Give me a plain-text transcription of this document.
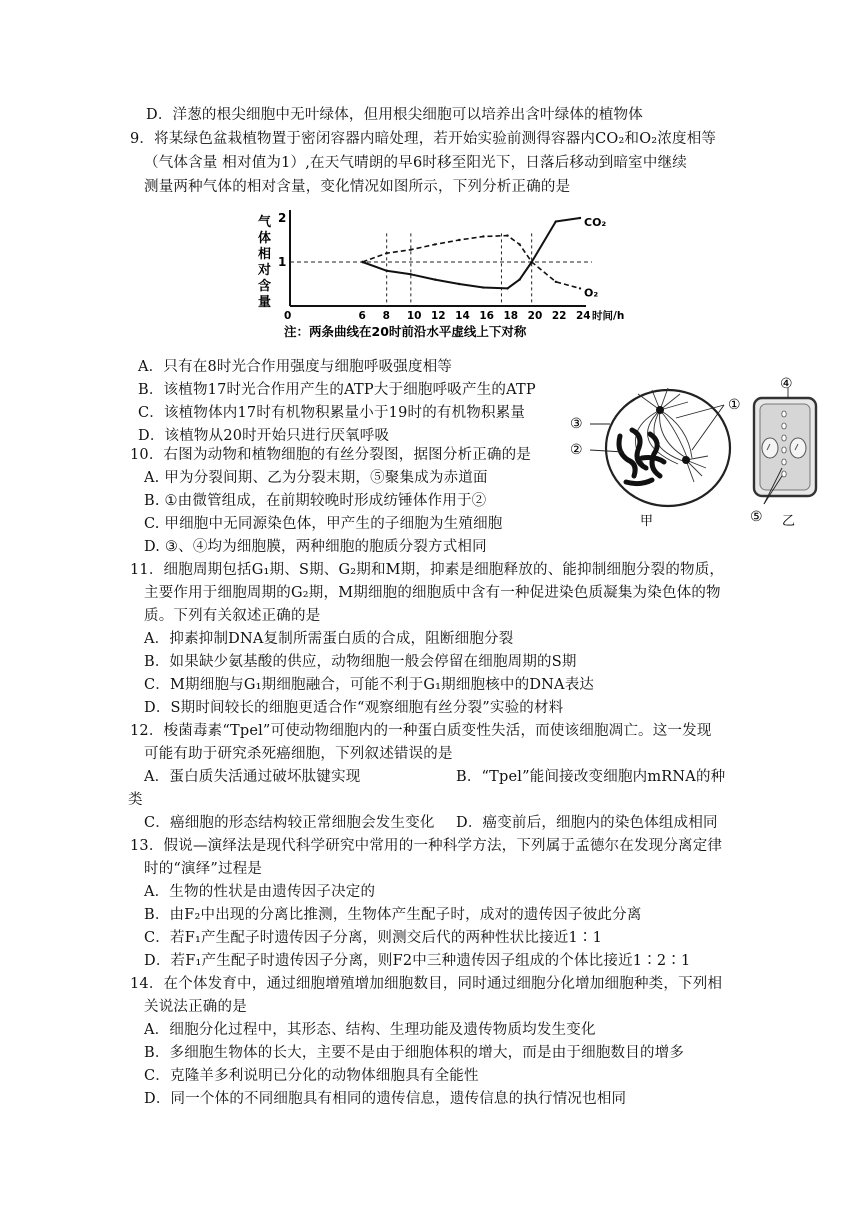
D．洋葱的根尖细胞中无叶绿体，但用根尖细胞可以培养出含叶绿体的植物体
9．将某绿色盆栽植物置于密闭容器内暗处理，若开始实验前测得容器内CO₂和O₂浓度相等
（气体含量 相对值为1）,在天气晴朗的早6时移至阳光下，日落后移动到暗室中继续
测量两种气体的相对含量，变化情况如图所示，下列分析正确的是
气
体
相
对
含
量
1
2
0	6 8 10 12 14 16 18 20 22 24 时间/h
CO₂
O₂
注：两条曲线在20时前沿水平虚线上下对称
A．只有在8时光合作用强度与细胞呼吸强度相等
B．该植物17时光合作用产生的ATP大于细胞呼吸产生的ATP
C．该植物体内17时有机物积累量小于19时的有机物积累量
D．该植物从20时开始只进行厌氧呼吸
①
③
②
甲
④
⑤ 乙
10．右图为动物和植物细胞的有丝分裂图，据图分析正确的是
A. 甲为分裂间期、乙为分裂末期，⑤聚集成为赤道面
B. ①由微管组成，在前期较晚时形成纺锤体作用于②
C. 甲细胞中无同源染色体，甲产生的子细胞为生殖细胞
D. ③、④均为细胞膜，两种细胞的胞质分裂方式相同
11．细胞周期包括G₁期、S期、G₂期和M期，抑素是细胞释放的、能抑制细胞分裂的物质，
主要作用于细胞周期的G₂期，M期细胞的细胞质中含有一种促进染色质凝集为染色体的物
质。下列有关叙述正确的是
A．抑素抑制DNA复制所需蛋白质的合成，阻断细胞分裂
B．如果缺少氨基酸的供应，动物细胞一般会停留在细胞周期的S期
C．M期细胞与G₁期细胞融合，可能不利于G₁期细胞核中的DNA表达
D．S期时间较长的细胞更适合作“观察细胞有丝分裂”实验的材料
12．梭菌毒素“Tpel”可使动物细胞内的一种蛋白质变性失活，而使该细胞凋亡。这一发现
可能有助于研究杀死癌细胞，下列叙述错误的是
A．蛋白质失活通过破坏肽键实现	B．“Tpel”能间接改变细胞内mRNA的种
类
C．癌细胞的形态结构较正常细胞会发生变化 D．癌变前后，细胞内的染色体组成相同
13．假说—演绎法是现代科学研究中常用的一种科学方法，下列属于孟德尔在发现分离定律
时的“演绎”过程是
A．生物的性状是由遗传因子决定的
B．由F₂中出现的分离比推测，生物体产生配子时，成对的遗传因子彼此分离
C．若F₁产生配子时遗传因子分离，则测交后代的两种性状比接近1∶1
D．若F₁产生配子时遗传因子分离，则F2中三种遗传因子组成的个体比接近1∶2∶1
14．在个体发育中，通过细胞增殖增加细胞数目，同时通过细胞分化增加细胞种类，下列相
关说法正确的是
A．细胞分化过程中，其形态、结构、生理功能及遗传物质均发生变化
B．多细胞生物体的长大，主要不是由于细胞体积的增大，而是由于细胞数目的增多
C．克隆羊多利说明已分化的动物体细胞具有全能性
D．同一个体的不同细胞具有相同的遗传信息，遗传信息的执行情况也相同
